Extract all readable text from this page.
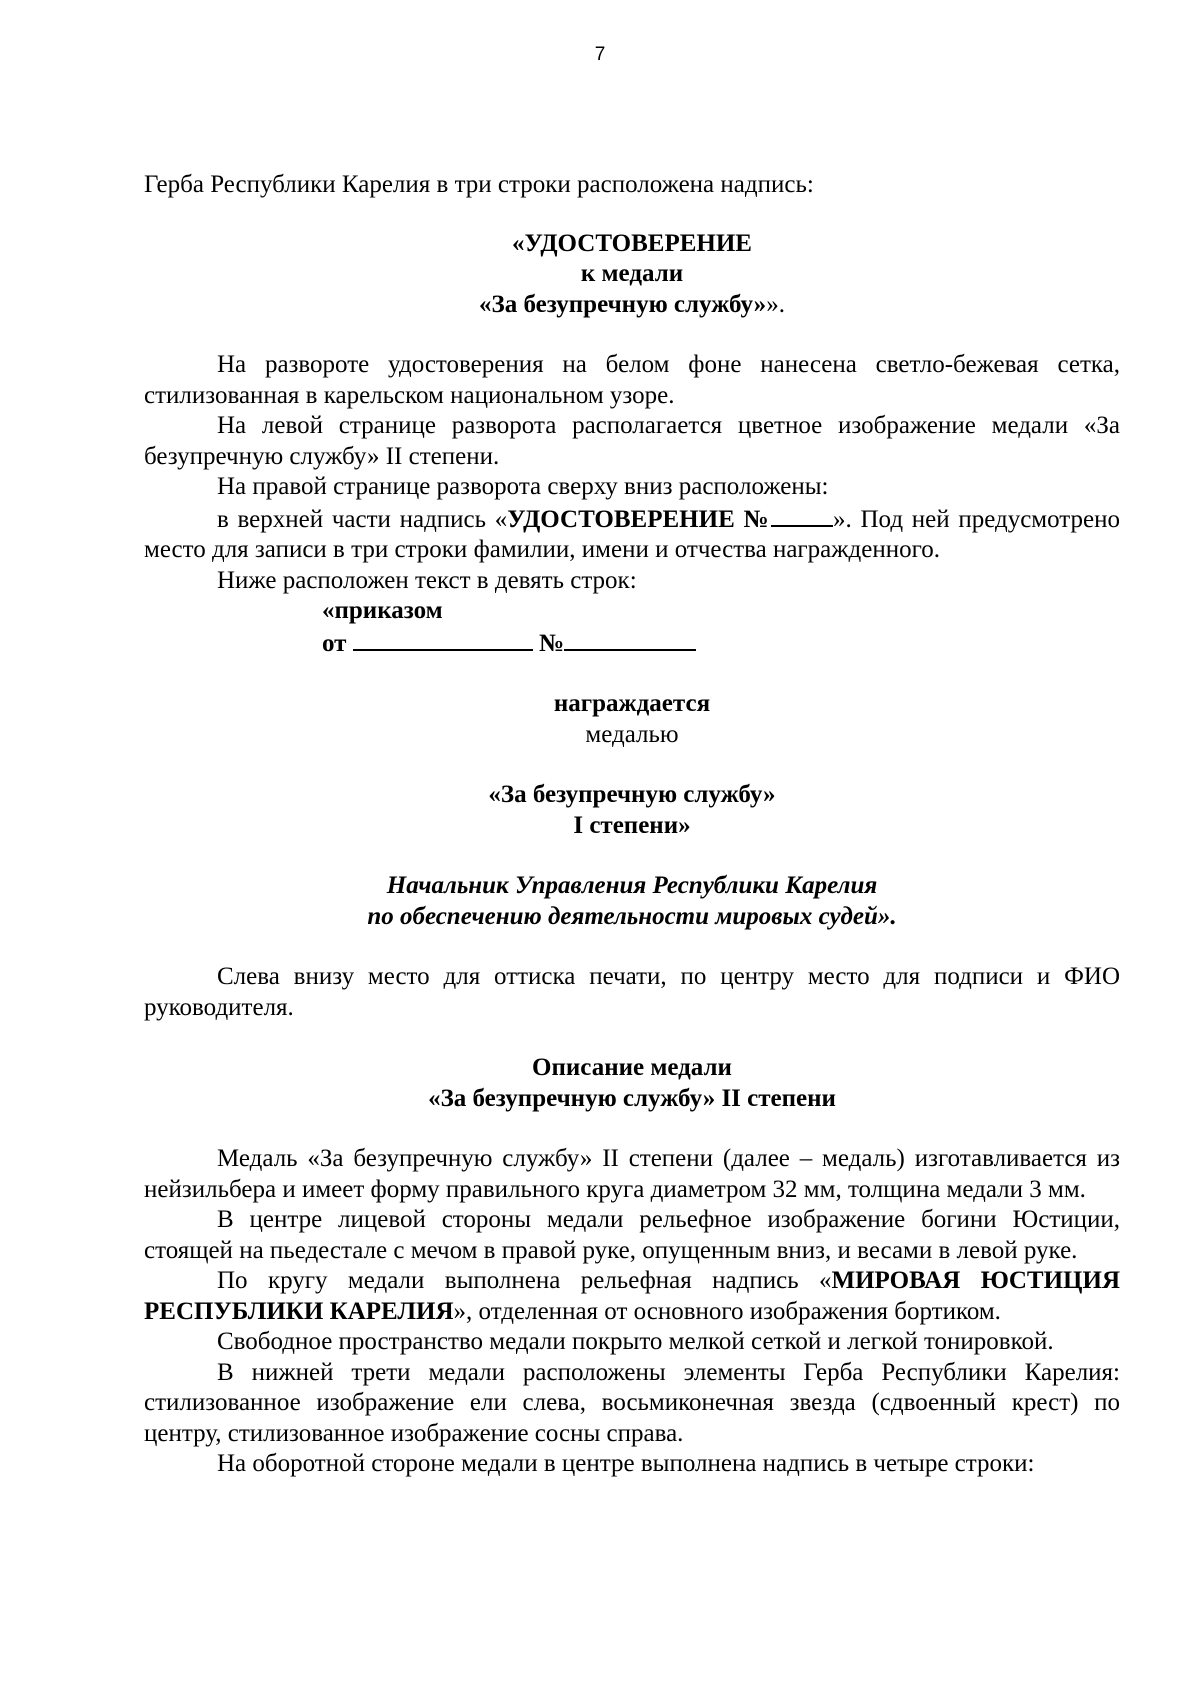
7

Герба Республики Карелия в три строки расположена надпись:

«УДОСТОВЕРЕНИЕ

к медали

«За безупречную службу»».

На развороте удостоверения на белом фоне нанесена светло-бежевая сетка, стилизованная в карельском национальном узоре.

На левой странице разворота располагается цветное изображение медали «За безупречную службу» II степени.

На правой странице разворота сверху вниз расположены:

в верхней части надпись «УДОСТОВЕРЕНИЕ № ». Под ней предусмотрено место для записи в три строки фамилии, имени и отчества награжденного.

Ниже расположен текст в девять строк:

«приказом

от	№

награждается

медалью

«За безупречную службу»

I степени»

Начальник Управления Республики Карелия

по обеспечению деятельности мировых судей».

Слева внизу место для оттиска печати, по центру место для подписи и ФИО руководителя.

Описание медали

«За безупречную службу» II степени

Медаль «За безупречную службу» II степени (далее – медаль) изготавливается из нейзильбера и имеет форму правильного круга диаметром 32 мм, толщина медали 3 мм.

В центре лицевой стороны медали рельефное изображение богини Юстиции, стоящей на пьедестале с мечом в правой руке, опущенным вниз, и весами в левой руке.

По кругу медали выполнена рельефная надпись «МИРОВАЯ ЮСТИЦИЯ РЕСПУБЛИКИ КАРЕЛИЯ», отделенная от основного изображения бортиком.

Свободное пространство медали покрыто мелкой сеткой и легкой тонировкой.

В нижней трети медали расположены элементы Герба Республики Карелия: стилизованное изображение ели слева, восьмиконечная звезда (сдвоенный крест) по центру, стилизованное изображение сосны справа.

На оборотной стороне медали в центре выполнена надпись в четыре строки:
